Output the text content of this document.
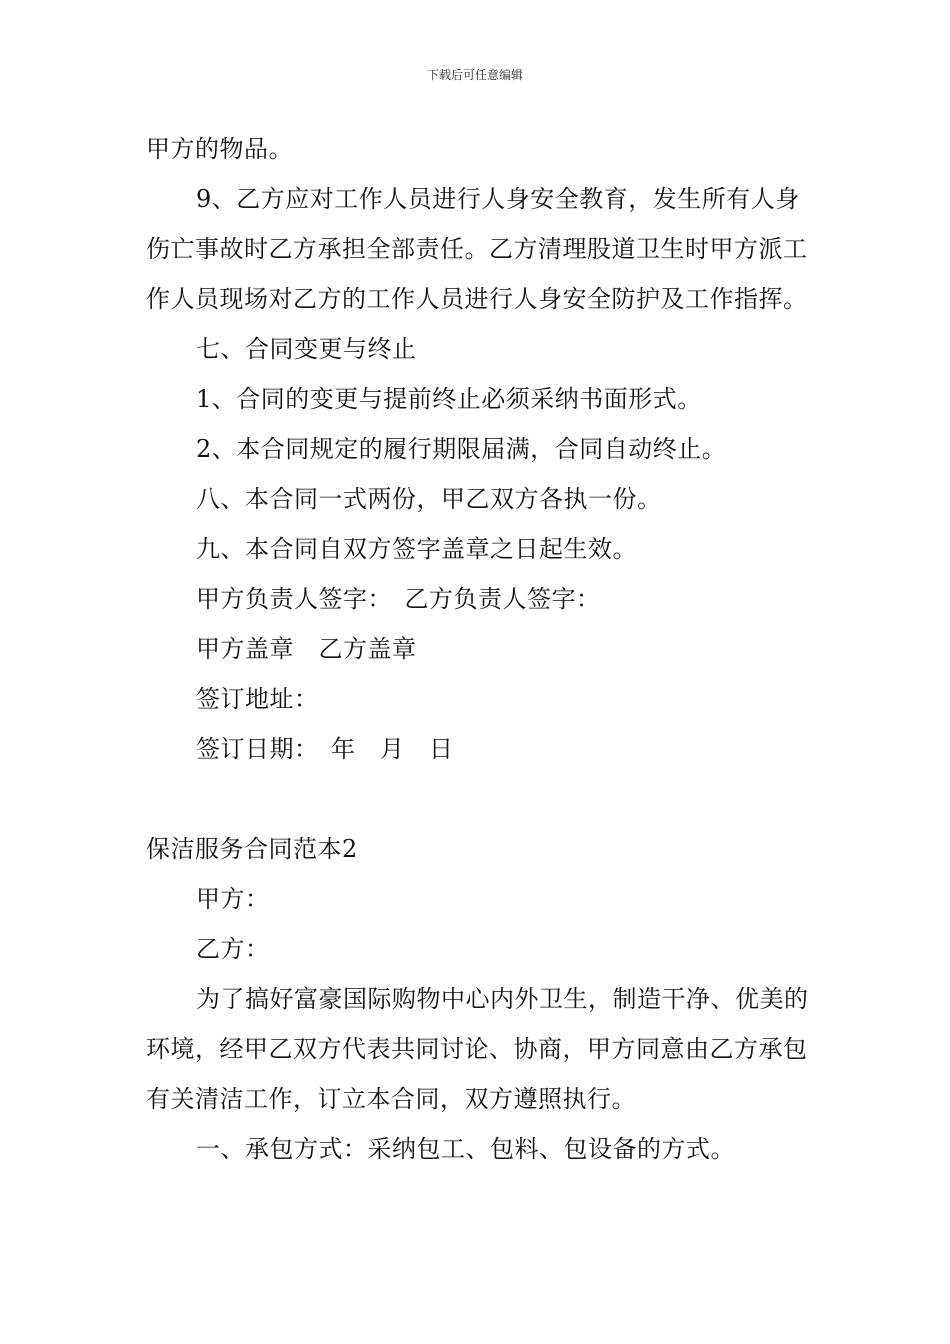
下载后可任意编辑

甲方的物品。

9、乙方应对工作人员进行人身安全教育，发生所有人身伤亡事故时乙方承担全部责任。乙方清理股道卫生时甲方派工作人员现场对乙方的工作人员进行人身安全防护及工作指挥。

七、合同变更与终止

1、合同的变更与提前终止必须采纳书面形式。

2、本合同规定的履行期限届满，合同自动终止。

八、本合同一式两份，甲乙双方各执一份。

九、本合同自双方签字盖章之日起生效。

甲方负责人签字：　乙方负责人签字：

甲方盖章　乙方盖章

签订地址：

签订日期：　年　月　日

保洁服务合同范本2

甲方：

乙方：

为了搞好富豪国际购物中心内外卫生，制造干净、优美的环境，经甲乙双方代表共同讨论、协商，甲方同意由乙方承包有关清洁工作，订立本合同，双方遵照执行。

一、承包方式：采纳包工、包料、包设备的方式。
